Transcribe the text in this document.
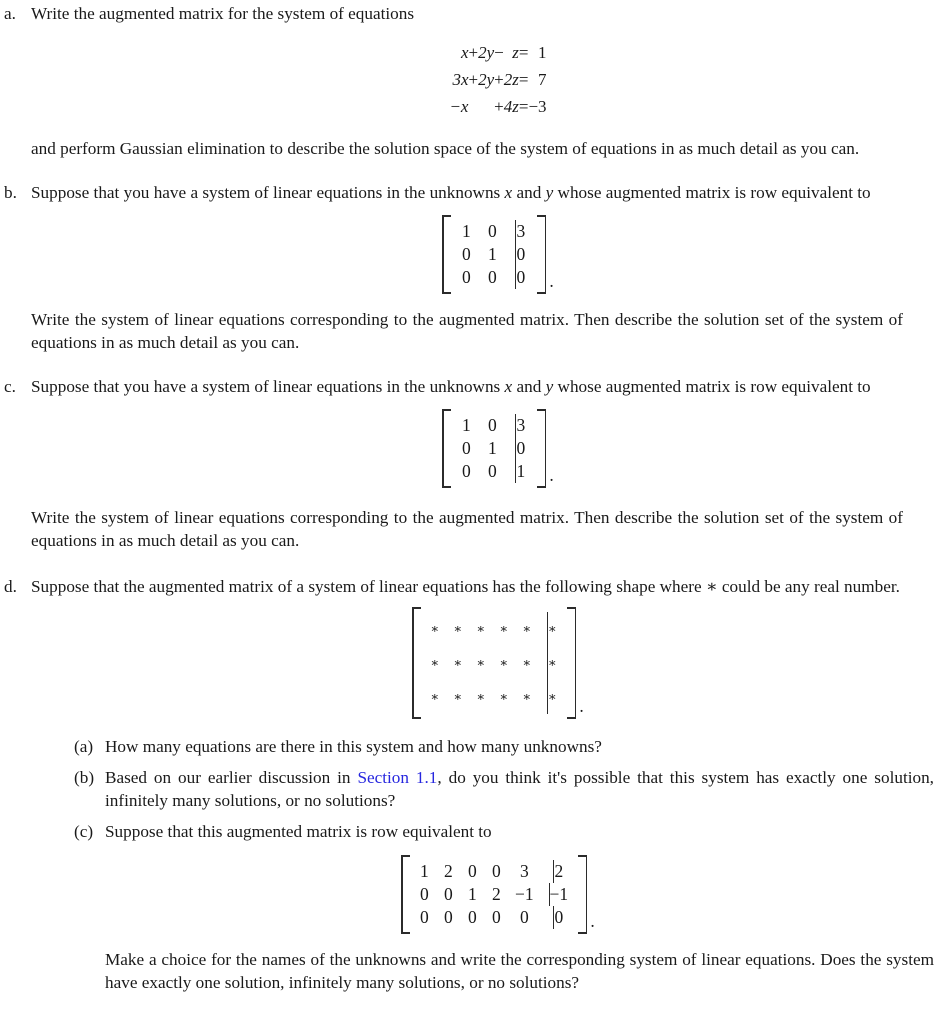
a. Write the augmented matrix for the system of equations

x	+	2y	−	z	=	1
3x	+	2y	+	2z	=	7
−x			+	4z	=	−3

and perform Gaussian elimination to describe the solution space of the system of equations in as much detail as you can.

b. Suppose that you have a system of linear equations in the unknowns x and y whose augmented matrix is row equivalent to

1 0 3
0 1 0
0 0 0 .

Write the system of linear equations corresponding to the augmented matrix. Then describe the solution set of the system of equations in as much detail as you can.

c. Suppose that you have a system of linear equations in the unknowns x and y whose augmented matrix is row equivalent to

1 0 3
0 1 0
0 0 1 .

Write the system of linear equations corresponding to the augmented matrix. Then describe the solution set of the system of equations in as much detail as you can.

d. Suppose that the augmented matrix of a system of linear equations has the following shape where ∗ could be any real number.

∗ ∗ ∗ ∗ ∗ ∗
∗ ∗ ∗ ∗ ∗ ∗
∗ ∗ ∗ ∗ ∗ ∗ .
(a) How many equations are there in this system and how many unknowns?

(b) Based on our earlier discussion in Section 1.1, do you think it's possible that this system has exactly one solution, infinitely many solutions, or no solutions?

(c) Suppose that this augmented matrix is row equivalent to

1 2 0 0 3 2
0 0 1 2 −1 −1
0 0 0 0 0 0 .

Make a choice for the names of the unknowns and write the corresponding system of linear equations. Does the system have exactly one solution, infinitely many solutions, or no solutions?
